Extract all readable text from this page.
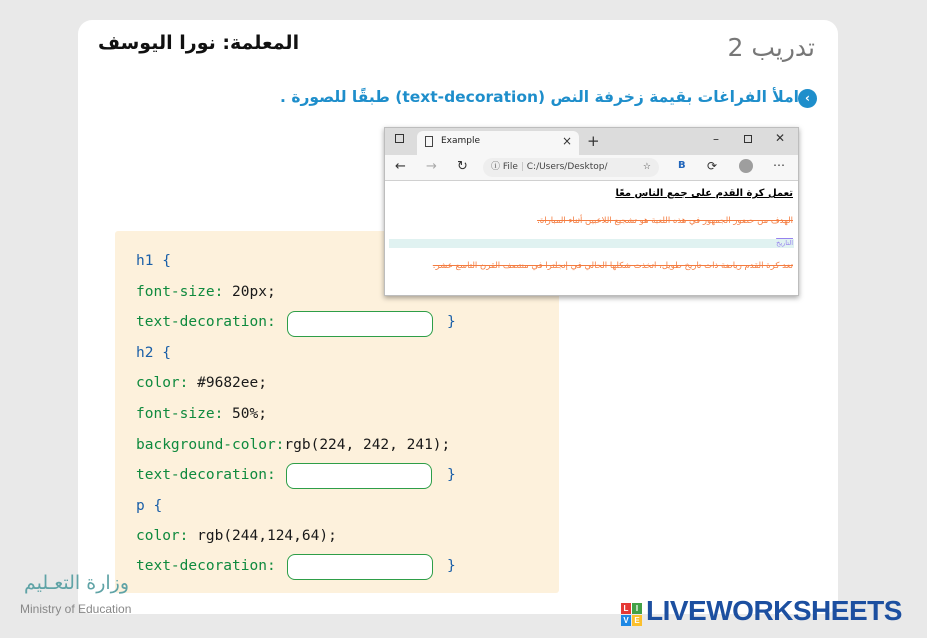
المعلمة: نورا اليوسف	تدريب 2
‹
املأ الفراغات بقيمة زخرفة النص (text-decoration) طبقًا للصورة .
h1 {
font-size: 20px;
text-decoration:	}
h2 {
color: #9682ee;
font-size: 50%;
background-color:rgb(224, 242, 241);
text-decoration:	}
p {
color: rgb(244,124,64);
text-decoration:	}
Example	× +	–	✕
← → ↻	ⓘ File | C:/Users/Desktop/	☆	B ⟳	⋯
تعمل كرة القدم على جمع الناس معًا
الهدف من حضور الجمهور في هذه اللعبة هو تشجيع اللاعبين أثناء المباراة.
التاريخ
تعد كرة القدم رياضة ذات تاريخ طويل، اتخذت شكلها الحالي في إنجلترا في منتصف القرن التاسع عشر.
وزارة التعـليم
Ministry of Education	L I
V E LIVEWORKSHEETS
